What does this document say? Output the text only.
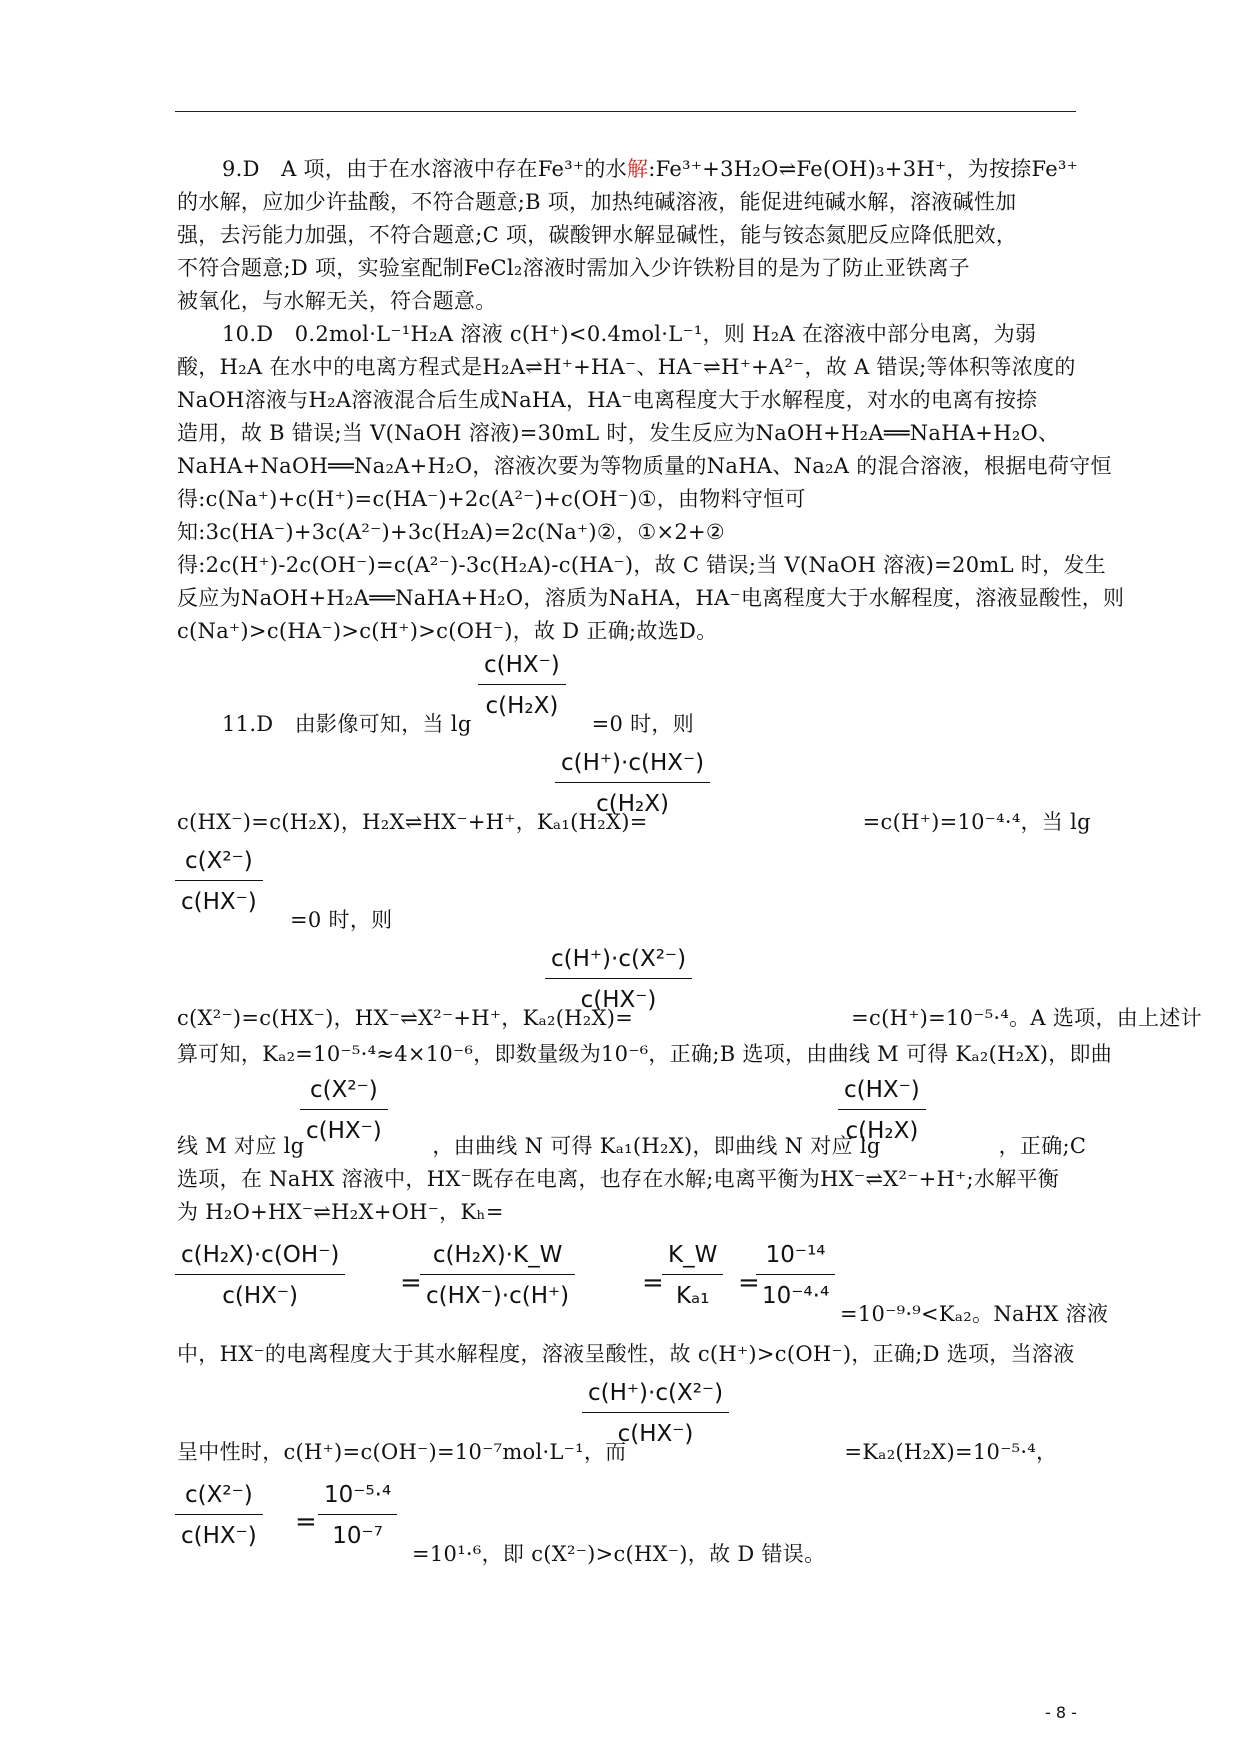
9.D　A 项，由于在水溶液中存在Fe³⁺的水解:Fe³⁺+3H₂O⇌Fe(OH)₃+3H⁺，为按捺Fe³⁺
的水解，应加少许盐酸，不符合题意;B 项，加热纯碱溶液，能促进纯碱水解，溶液碱性加
强，去污能力加强，不符合题意;C 项，碳酸钾水解显碱性，能与铵态氮肥反应降低肥效，
不符合题意;D 项，实验室配制FeCl₂溶液时需加入少许铁粉目的是为了防止亚铁离子
被氧化，与水解无关，符合题意。
10.D　0.2mol·L⁻¹H₂A 溶液 c(H⁺)<0.4mol·L⁻¹，则 H₂A 在溶液中部分电离，为弱
酸，H₂A 在水中的电离方程式是H₂A⇌H⁺+HA⁻、HA⁻⇌H⁺+A²⁻，故 A 错误;等体积等浓度的
NaOH溶液与H₂A溶液混合后生成NaHA，HA⁻电离程度大于水解程度，对水的电离有按捺
造用，故 B 错误;当 V(NaOH 溶液)=30mL 时，发生反应为NaOH+H₂A══NaHA+H₂O、
NaHA+NaOH══Na₂A+H₂O，溶液次要为等物质量的NaHA、Na₂A 的混合溶液，根据电荷守恒
得:c(Na⁺)+c(H⁺)=c(HA⁻)+2c(A²⁻)+c(OH⁻)①，由物料守恒可
知:3c(HA⁻)+3c(A²⁻)+3c(H₂A)=2c(Na⁺)②，①×2+②
得:2c(H⁺)-2c(OH⁻)=c(A²⁻)-3c(H₂A)-c(HA⁻)，故 C 错误;当 V(NaOH 溶液)=20mL 时，发生
反应为NaOH+H₂A══NaHA+H₂O，溶质为NaHA，HA⁻电离程度大于水解程度，溶液显酸性，则
c(Na⁺)>c(HA⁻)>c(H⁺)>c(OH⁻)，故 D 正确;故选D。
c(HX⁻)
c(H₂X)
11.D　由影像可知，当 lg	=0 时，则
c(H⁺)·c(HX⁻)
c(H₂X)
c(HX⁻)=c(H₂X)，H₂X⇌HX⁻+H⁺，Kₐ₁(H₂X)=	=c(H⁺)=10⁻⁴·⁴，当 lg
c(X²⁻)
c(HX⁻)
=0 时，则
c(H⁺)·c(X²⁻)
c(HX⁻)
c(X²⁻)=c(HX⁻)，HX⁻⇌X²⁻+H⁺，Kₐ₂(H₂X)=	=c(H⁺)=10⁻⁵·⁴。A 选项，由上述计
算可知，Kₐ₂=10⁻⁵·⁴≈4×10⁻⁶，即数量级为10⁻⁶，正确;B 选项，由曲线 M 可得 Kₐ₂(H₂X)，即曲
c(X²⁻)
c(HX⁻)
c(HX⁻)
c(H₂X)
线 M 对应 lg	，由曲线 N 可得 Kₐ₁(H₂X)，即曲线 N 对应 lg	，正确;C
选项，在 NaHX 溶液中，HX⁻既存在电离，也存在水解;电离平衡为HX⁻⇌X²⁻+H⁺;水解平衡
为 H₂O+HX⁻⇌H₂X+OH⁻，Kₕ=
c(H₂X)·c(OH⁻)
c(HX⁻)	=
c(H₂X)·K_W
c(HX⁻)·c(H⁺)	=
K_W
Kₐ₁	=
10⁻¹⁴
10⁻⁴·⁴
=10⁻⁹·⁹<Kₐ₂。NaHX 溶液
中，HX⁻的电离程度大于其水解程度，溶液呈酸性，故 c(H⁺)>c(OH⁻)，正确;D 选项，当溶液
c(H⁺)·c(X²⁻)
c(HX⁻)
呈中性时，c(H⁺)=c(OH⁻)=10⁻⁷mol·L⁻¹，而	=Kₐ₂(H₂X)=10⁻⁵·⁴，
c(X²⁻)
c(HX⁻) =
10⁻⁵·⁴
10⁻⁷
=10¹·⁶，即 c(X²⁻)>c(HX⁻)，故 D 错误。
- 8 -
